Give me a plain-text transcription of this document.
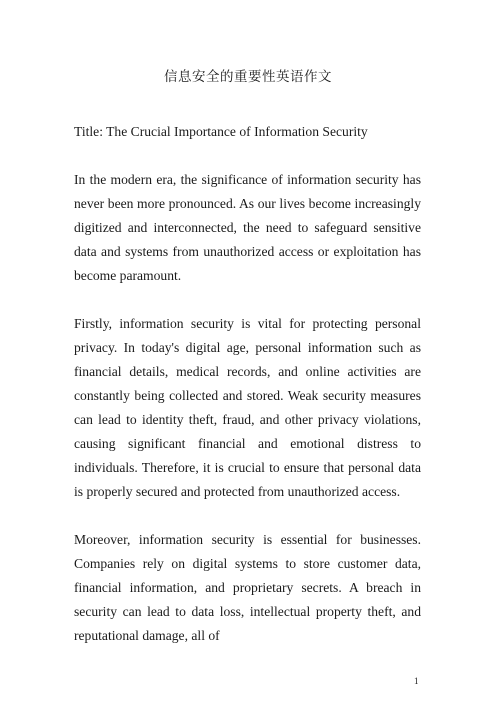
信息安全的重要性英语作文

Title: The Crucial Importance of Information Security

In the modern era, the significance of information security has never been more pronounced. As our lives become increasingly digitized and interconnected, the need to safeguard sensitive data and systems from unauthorized access or exploitation has become paramount.

Firstly, information security is vital for protecting personal privacy. In today's digital age, personal information such as financial details, medical records, and online activities are constantly being collected and stored. Weak security measures can lead to identity theft, fraud, and other privacy violations, causing significant financial and emotional distress to individuals. Therefore, it is crucial to ensure that personal data is properly secured and protected from unauthorized access.

Moreover, information security is essential for businesses. Companies rely on digital systems to store customer data, financial information, and proprietary secrets. A breach in security can lead to data loss, intellectual property theft, and reputational damage, all of

1
